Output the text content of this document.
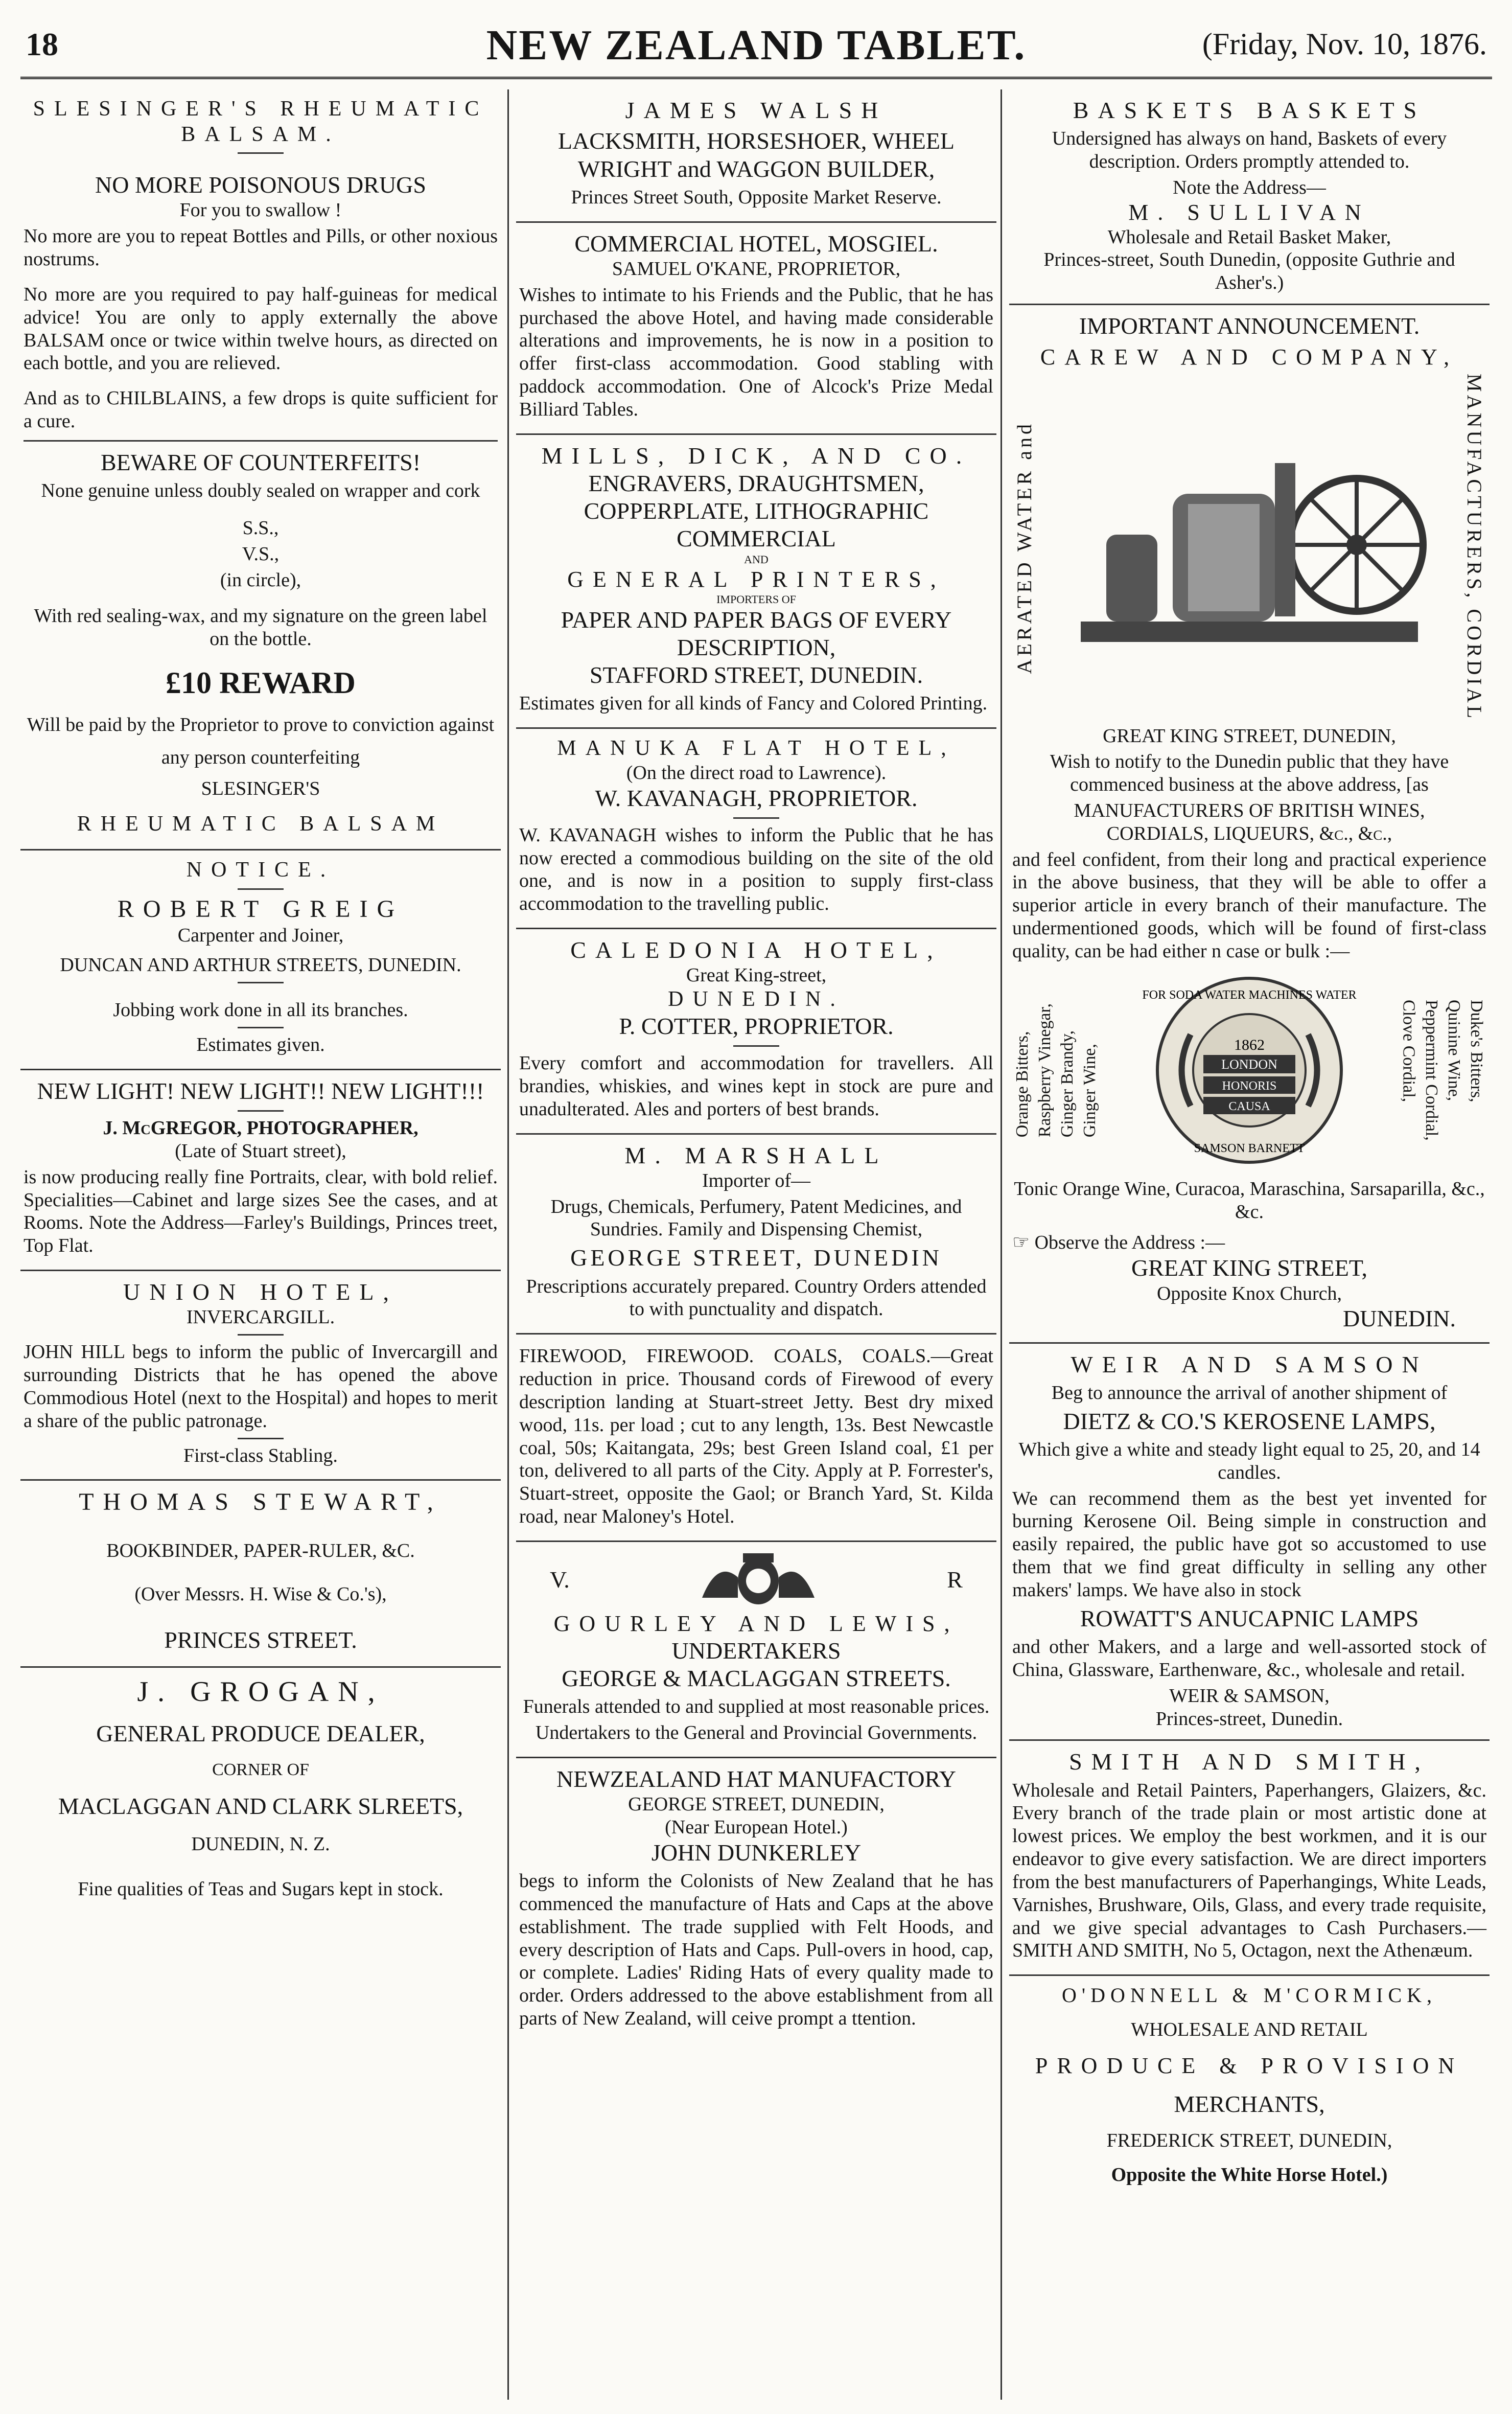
18	NEW ZEALAND TABLET.	(Friday, Nov. 10, 1876.
SLESINGER'S RHEUMATIC
BALSAM.
NO MORE POISONOUS DRUGS
For you to swallow !

No more are you to repeat Bottles and Pills, or other noxious nostrums.

No more are you required to pay half-guineas for medical advice! You are only to apply externally the above BALSAM once or twice within twelve hours, as directed on each bottle, and you are relieved.

And as to CHILBLAINS, a few drops is quite sufficient for a cure.

BEWARE OF COUNTERFEITS!

None genuine unless doubly sealed on wrapper and cork

S.S.,

V.S.,

(in circle),

With red sealing-wax, and my signature on the green label on the bottle.

£10 REWARD

Will be paid by the Proprietor to prove to conviction against any person counterfeiting

SLESINGER'S

RHEUMATIC BALSAM

NOTICE.
ROBERT GREIG
Carpenter and Joiner,
DUNCAN AND ARTHUR STREETS, DUNEDIN.

Jobbing work done in all its branches.

Estimates given.

NEW LIGHT! NEW LIGHT!! NEW LIGHT!!!
J. McGREGOR, PHOTOGRAPHER,
(Late of Stuart street),

is now producing really fine Portraits, clear, with bold relief. Specialities—Cabinet and large sizes See the cases, and at Rooms. Note the Address—Farley's Buildings, Princes treet, Top Flat.

UNION HOTEL,
INVERCARGILL.

JOHN HILL begs to inform the public of Invercargill and surrounding Districts that he has opened the above Commodious Hotel (next to the Hospital) and hopes to merit a share of the public patronage.

First-class Stabling.

THOMAS STEWART,

BOOKBINDER, PAPER-RULER, &C.

(Over Messrs. H. Wise & Co.'s),

PRINCES STREET.

J. GROGAN,

GENERAL PRODUCE DEALER,

CORNER OF

MACLAGGAN AND CLARK SLREETS,

DUNEDIN, N. Z.

Fine qualities of Teas and Sugars kept in stock.

JAMES WALSH

LACKSMITH, HORSESHOER, WHEEL WRIGHT and WAGGON BUILDER,

Princes Street South, Opposite Market Reserve.

COMMERCIAL HOTEL, MOSGIEL.
SAMUEL O'KANE, PROPRIETOR,

Wishes to intimate to his Friends and the Public, that he has purchased the above Hotel, and having made considerable alterations and improvements, he is now in a position to offer first-class accommodation. Good stabling with paddock accommodation. One of Alcock's Prize Medal Billiard Tables.

MILLS, DICK, AND CO.
ENGRAVERS, DRAUGHTSMEN,
COPPERPLATE, LITHOGRAPHIC
COMMERCIAL
AND
GENERAL PRINTERS,
IMPORTERS OF
PAPER AND PAPER BAGS OF EVERY DESCRIPTION,
STAFFORD STREET, DUNEDIN.

Estimates given for all kinds of Fancy and Colored Printing.

MANUKA FLAT HOTEL,
(On the direct road to Lawrence).
W. KAVANAGH, PROPRIETOR.

W. KAVANAGH wishes to inform the Public that he has now erected a commodious building on the site of the old one, and is now in a position to supply first-class accommodation to the travelling public.

CALEDONIA HOTEL,
Great King-street,
DUNEDIN.
P. COTTER, PROPRIETOR.

Every comfort and accommodation for travellers. All brandies, whiskies, and wines kept in stock are pure and unadulterated. Ales and porters of best brands.

M. MARSHALL
Importer of—

Drugs, Chemicals, Perfumery, Patent Medicines, and Sundries. Family and Dispensing Chemist,

GEORGE STREET, DUNEDIN

Prescriptions accurately prepared. Country Orders attended to with punctuality and dispatch.

FIREWOOD, FIREWOOD. COALS, COALS.—Great reduction in price. Thousand cords of Firewood of every description landing at Stuart-street Jetty. Best dry mixed wood, 11s. per load ; cut to any length, 13s. Best Newcastle coal, 50s; Kaitangata, 29s; best Green Island coal, £1 per ton, delivered to all parts of the City. Apply at P. Forrester's, Stuart-street, opposite the Gaol; or Branch Yard, St. Kilda road, near Maloney's Hotel.

V.	R
GOURLEY AND LEWIS,
UNDERTAKERS
GEORGE & MACLAGGAN STREETS.

Funerals attended to and supplied at most reasonable prices.

Undertakers to the General and Provincial Governments.

NEWZEALAND HAT MANUFACTORY
GEORGE STREET, DUNEDIN,
(Near European Hotel.)
JOHN DUNKERLEY

begs to inform the Colonists of New Zealand that he has commenced the manufacture of Hats and Caps at the above establishment. The trade supplied with Felt Hoods, and every description of Hats and Caps. Pull-overs in hood, cap, or complete. Ladies' Riding Hats of every quality made to order. Orders addressed to the above establishment from all parts of New Zealand, will ceive prompt a ttention.

BASKETS BASKETS

Undersigned has always on hand, Baskets of every description. Orders promptly attended to.

Note the Address—
M. SULLIVAN
Wholesale and Retail Basket Maker,
Princes-street, South Dunedin, (opposite Guthrie and Asher's.)
IMPORTANT ANNOUNCEMENT.
CAREW AND COMPANY,
AERATED WATER and	MANUFACTURERS, CORDIAL
GREAT KING STREET, DUNEDIN,

Wish to notify to the Dunedin public that they have commenced business at the above address, [as

MANUFACTURERS OF BRITISH WINES,
CORDIALS, LIQUEURS, &c., &c.,

and feel confident, from their long and practical experience in the above business, that they will be able to offer a superior article in every branch of their manufacture. The undermentioned goods, which will be found of first-class quality, can be had either n case or bulk :—

Ginger Wine,
Ginger Brandy,
Raspberry Vinegar,
Orange Bitters,
FOR SODA WATER MACHINES WATER
1862
LONDON
HONORIS
CAUSA
SAMSON BARNETT
Clove Cordial, Peppermint Cordial, Quinine Wine, Duke's Bitters,

Tonic Orange Wine, Curacoa, Maraschina, Sarsaparilla, &c., &c.

☞ Observe the Address :—
GREAT KING STREET,
Opposite Knox Church,
DUNEDIN.
WEIR AND SAMSON

Beg to announce the arrival of another shipment of

DIETZ & CO.'S KEROSENE LAMPS,

Which give a white and steady light equal to 25, 20, and 14 candles.

We can recommend them as the best yet invented for burning Kerosene Oil. Being simple in construction and easily repaired, the public have got so accustomed to use them that we find great difficulty in selling any other makers' lamps. We have also in stock

ROWATT'S ANUCAPNIC LAMPS

and other Makers, and a large and well-assorted stock of China, Glassware, Earthenware, &c., wholesale and retail.

WEIR & SAMSON,
Princes-street, Dunedin.
SMITH AND SMITH,

Wholesale and Retail Painters, Paperhangers, Glaizers, &c. Every branch of the trade plain or most artistic done at lowest prices. We employ the best workmen, and it is our endeavor to give every satisfaction. We are direct importers from the best manufacturers of Paperhangings, White Leads, Varnishes, Brushware, Oils, Glass, and every trade requisite, and we give special advantages to Cash Purchasers.—SMITH AND SMITH, No 5, Octagon, next the Athenæum.

O'DONNELL & M'CORMICK,

WHOLESALE AND RETAIL

PRODUCE & PROVISION

MERCHANTS,

FREDERICK STREET, DUNEDIN,

Opposite the White Horse Hotel.)
